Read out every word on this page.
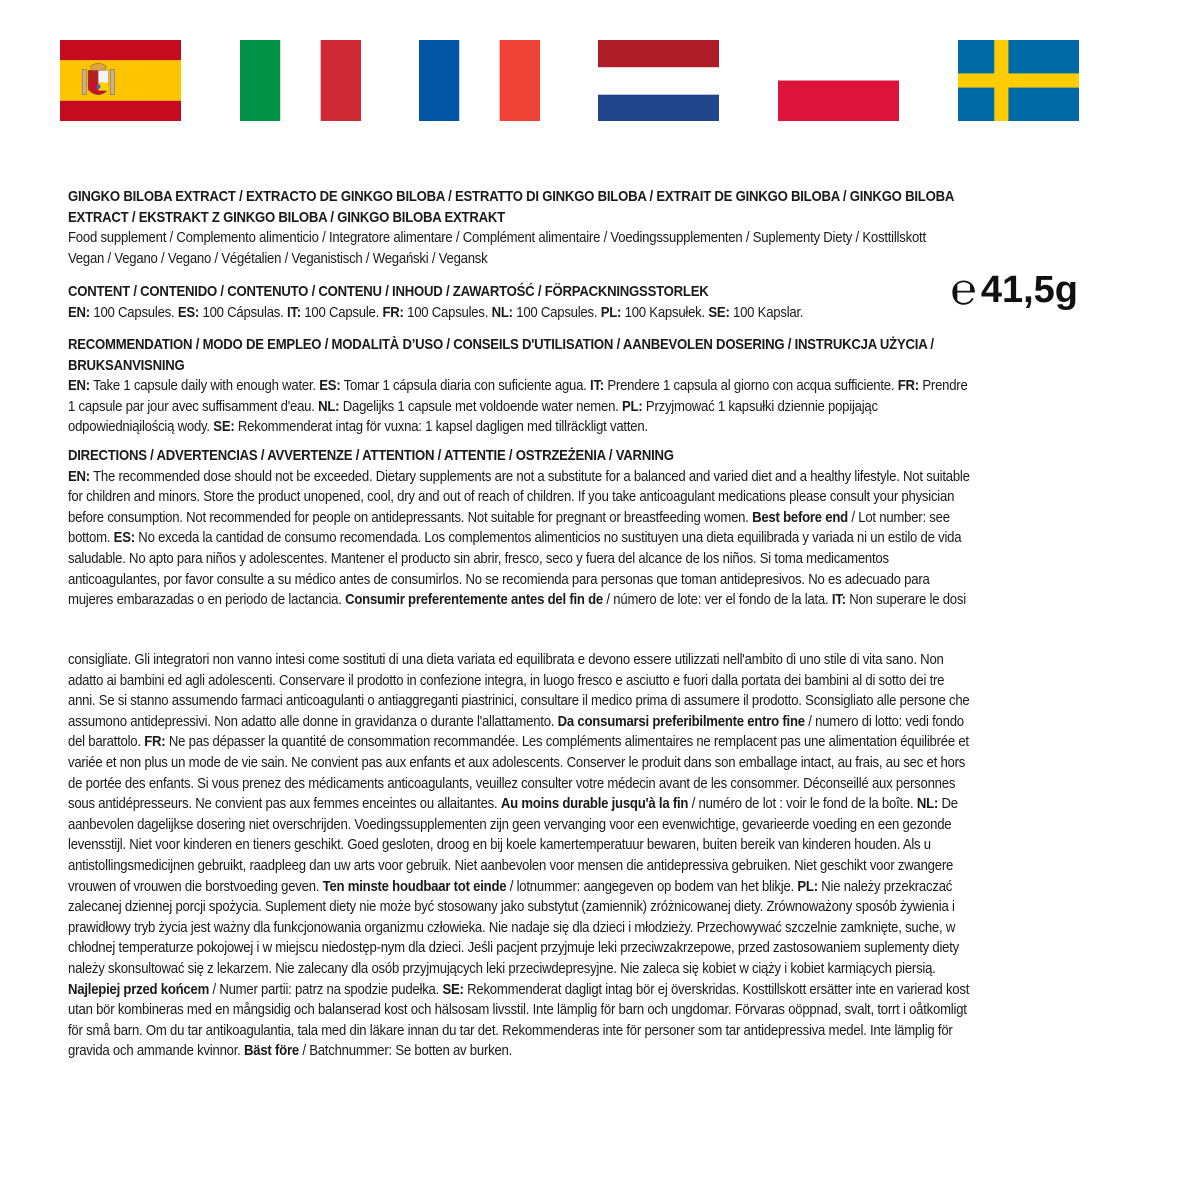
GINGKO BILOBA EXTRACT / EXTRACTO DE GINKGO BILOBA / ESTRATTO DI GINKGO BILOBA / EXTRAIT DE GINKGO BILOBA / GINKGO BILOBA EXTRACT / EKSTRAKT Z GINKGO BILOBA / GINKGO BILOBA EXTRAKT

Food supplement / Complemento alimenticio / Integratore alimentare / Complément alimentaire / Voedingssupplementen / Suplementy Diety / Kosttillskott

Vegan / Vegano / Vegano / Végétalien / Veganistisch / Wegański / Vegansk

℮ 41,5g

CONTENT / CONTENIDO / CONTENUTO / CONTENU / INHOUD / ZAWARTOŚĆ / FÖRPACKNINGSSTORLEK

EN: 100 Capsules. ES: 100 Cápsulas. IT: 100 Capsule. FR: 100 Capsules. NL: 100 Capsules. PL: 100 Kapsułek. SE: 100 Kapslar.

RECOMMENDATION / MODO DE EMPLEO / MODALITÀ D’USO / CONSEILS D'UTILISATION / AANBEVOLEN DOSERING / INSTRUKCJA UŻYCIA / BRUKSANVISNING

EN: Take 1 capsule daily with enough water. ES: Tomar 1 cápsula diaria con suficiente agua. IT: Prendere 1 capsula al giorno con acqua sufficiente. FR: Prendre 1 capsule par jour avec suffisamment d'eau. NL: Dagelijks 1 capsule met voldoende water nemen. PL: Przyjmować 1 kapsułki dziennie popijając odpowiedniąilością wody. SE: Rekommenderat intag för vuxna: 1 kapsel dagligen med tillräckligt vatten.

DIRECTIONS / ADVERTENCIAS / AVVERTENZE / ATTENTION / ATTENTIE / OSTRZEŻENIA / VARNING

EN: The recommended dose should not be exceeded. Dietary supplements are not a substitute for a balanced and varied diet and a healthy lifestyle. Not suitable for children and minors. Store the product unopened, cool, dry and out of reach of children. If you take anticoagulant medications please consult your physician before consumption. Not recommended for people on antidepressants. Not suitable for pregnant or breastfeeding women. Best before end / Lot number: see bottom. ES: No exceda la cantidad de consumo recomendada. Los complementos alimenticios no sustituyen una dieta equilibrada y variada ni un estilo de vida saludable. No apto para niños y adolescentes. Mantener el producto sin abrir, fresco, seco y fuera del alcance de los niños. Si toma medicamentos anticoagulantes, por favor consulte a su médico antes de consumirlos. No se recomienda para personas que toman antidepresivos. No es adecuado para mujeres embarazadas o en periodo de lactancia. Consumir preferentemente antes del fin de / número de lote: ver el fondo de la lata. IT: Non superare le dosi

consigliate. Gli integratori non vanno intesi come sostituti di una dieta variata ed equilibrata e devono essere utilizzati nell'ambito di uno stile di vita sano. Non adatto ai bambini ed agli adolescenti. Conservare il prodotto in confezione integra, in luogo fresco e asciutto e fuori dalla portata dei bambini al di sotto dei tre anni. Se si stanno assumendo farmaci anticoagulanti o antiaggreganti piastrinici, consultare il medico prima di assumere il prodotto. Sconsigliato alle persone che assumono antidepressivi. Non adatto alle donne in gravidanza o durante l'allattamento. Da consumarsi preferibilmente entro fine / numero di lotto: vedi fondo del barattolo. FR: Ne pas dépasser la quantité de consommation recommandée. Les compléments alimentaires ne remplacent pas une alimentation équilibrée et variée et non plus un mode de vie sain. Ne convient pas aux enfants et aux adolescents. Conserver le produit dans son emballage intact, au frais, au sec et hors de portée des enfants. Si vous prenez des médicaments anticoagulants, veuillez consulter votre médecin avant de les consommer. Déconseillé aux personnes sous antidépresseurs. Ne convient pas aux femmes enceintes ou allaitantes. Au moins durable jusqu'à la fin / numéro de lot : voir le fond de la boîte. NL: De aanbevolen dagelijkse dosering niet overschrijden. Voedingssupplementen zijn geen vervanging voor een evenwichtige, gevarieerde voeding en een gezonde levensstijl. Niet voor kinderen en tieners geschikt. Goed gesloten, droog en bij koele kamertemperatuur bewaren, buiten bereik van kinderen houden. Als u antistollingsmedicijnen gebruikt, raadpleeg dan uw arts voor gebruik. Niet aanbevolen voor mensen die antidepressiva gebruiken. Niet geschikt voor zwangere vrouwen of vrouwen die borstvoeding geven. Ten minste houdbaar tot einde / lotnummer: aangegeven op bodem van het blikje. PL: Nie należy przekraczać zalecanej dziennej porcji spożycia. Suplement diety nie może być stosowany jako substytut (zamiennik) zróżnicowanej diety. Zrównoważony sposób żywienia i prawidłowy tryb życia jest ważny dla funkcjonowania organizmu człowieka. Nie nadaje się dla dzieci i młodzieży. Przechowywać szczelnie zamknięte, suche, w chłodnej temperaturze pokojowej i w miejscu niedostęp-nym dla dzieci. Jeśli pacjent przyjmuje leki przeciwzakrzepowe, przed zastosowaniem suplementy diety należy skonsultować się z lekarzem. Nie zalecany dla osób przyjmujących leki przeciwdepresyjne. Nie zaleca się kobiet w ciąży i kobiet karmiących piersią. Najlepiej przed końcem / Numer partii: patrz na spodzie pudełka. SE: Rekommenderat dagligt intag bör ej överskridas. Kosttillskott ersätter inte en varierad kost utan bör kombineras med en mångsidig och balanserad kost och hälsosam livsstil. Inte lämplig för barn och ungdomar. Förvaras oöppnad, svalt, torrt i oåtkomligt för små barn. Om du tar antikoagulantia, tala med din läkare innan du tar det. Rekommenderas inte för personer som tar antidepressiva medel. Inte lämplig för gravida och ammande kvinnor. Bäst före / Batchnummer: Se botten av burken.
